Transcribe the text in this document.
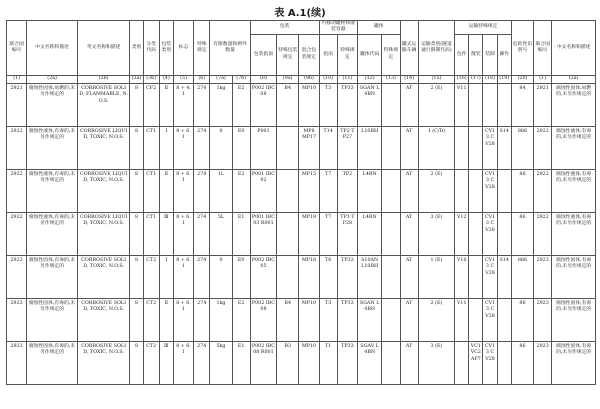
表 A.1(续)
联合国编号	中文名称和描述	英文名称和描述	类别	分类代码	包装类别	标志	特殊规定	有限数量和例外数量		包装			可移动罐柜和散装容器		罐体		罐式运输车辆	运输类别(隧道通行限制代码)	运输特殊规定				危险性识别号	联合国编号	中文名称和描述
										包装指南	特殊包装规定	混合包装规定	指南	特殊规定	罐体代码	特殊规定			包件	散装	装卸	操作			
(1)	(2a)	(2b)	(3a)	(3b)	(4)	(5)	(6)	(7a)	(7b)	(8)	(9a)	(9b)	(10)	(11)	(12)	(13)	(14)	(15)	(16)	(17)	(18)	(19)	(20)	(1)	(2a)
2921	腐蚀性固体,易燃的,未另作规定的	CORROSIVE SOLID, FLAMMABLE, N.O.S.	8	CF2	Ⅱ	8 + 4.1	274	1kg	E2	P002 IBC08	B4	MP10	T3	TP33	SGAN L4BN		AT	2 (E)	V11				84	2921	腐蚀性固体,易燃的,未另作规定的
2922	腐蚀性液体,有毒的,未另作规定的	CORROSIVE LIQUID, TOXIC, N.O.S.	8	CT1	Ⅰ	8 + 6.1	274	0	E0	P001		MP8 MP17	T14	TP2 TP27	L10BH		AT	1 (C/D)			CV13 CV28	S14	886	2922	腐蚀性液体,有毒的,未另作规定的
2922	腐蚀性液体,有毒的,未另作规定的	CORROSIVE LIQUID, TOXIC, N.O.S.	8	CT1	Ⅱ	8 + 6.1	274	1L	E2	P001 IBC02		MP15	T7	TP2	L4BN		AT	2 (E)			CV13 CV28		86	2922	腐蚀性液体,有毒的,未另作规定的
2922	腐蚀性液体,有毒的,未另作规定的	CORROSIVE LIQUID, TOXIC, N.O.S.	8	CT1	Ⅲ	8 + 6.1	274	5L	E1	P001 IBC03 R001		MP19	T7	TP1 TP28	L4BN		AT	3 (E)	V12		CV13 CV28		86	2922	腐蚀性液体,有毒的,未另作规定的
2923	腐蚀性固体,有毒的,未另作规定的	CORROSIVE SOLID, TOXIC, N.O.S.	8	CT2	Ⅰ	8 + 6.1	274	0	E0	P002 IBC05		MP18	T6	TP33	S10AN L10BH		AT	1 (E)	V10		CV13 CV28	S14	886	2923	腐蚀性固体,有毒的,未另作规定的
2923	腐蚀性固体,有毒的,未另作规定的	CORROSIVE SOLID, TOXIC, N.O.S.	8	CT2	Ⅱ	8 + 6.1	274	1kg	E2	P002 IBC08	B4	MP10	T3	TP33	SGAN L4BN		AT	2 (E)	V11		CV13 CV28		86	2923	腐蚀性固体,有毒的,未另作规定的
2923	腐蚀性固体,有毒的,未另作规定的	CORROSIVE SOLID, TOXIC, N.O.S.	8	CT2	Ⅲ	8 + 6.1	274	5kg	E1	P002 IBC08 R001	B3	MP10	T1	TP33	SGAV L4BN		AT	3 (E)		VC1 VC2 AP7	CV13 CV28		86	2923	腐蚀性固体,有毒的,未另作规定的
